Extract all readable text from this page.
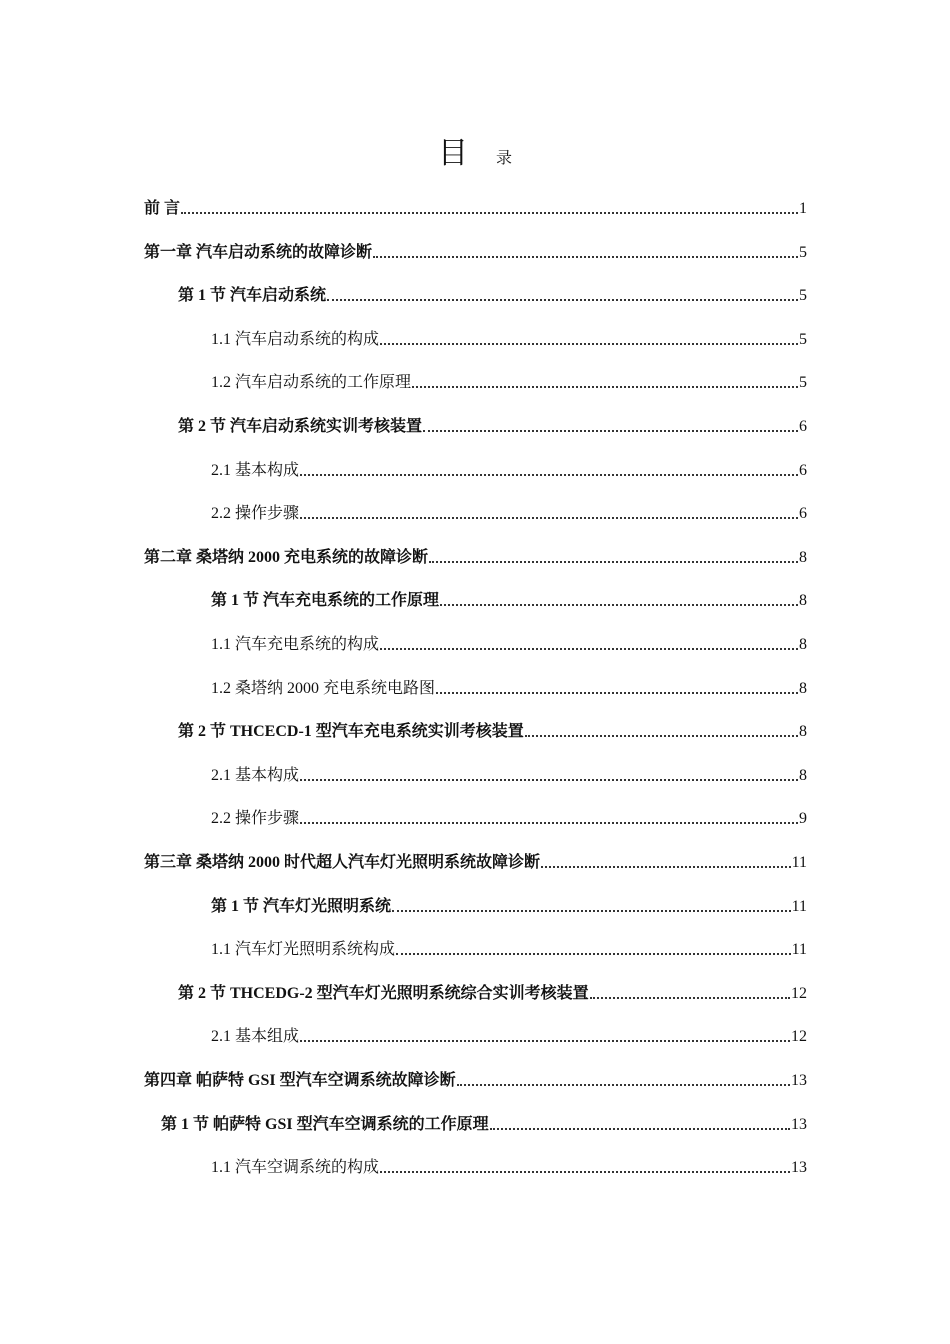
目 录
前 言	1
第一章 汽车启动系统的故障诊断	5
第 1 节 汽车启动系统	5
1.1 汽车启动系统的构成	5
1.2 汽车启动系统的工作原理	5
第 2 节 汽车启动系统实训考核装置	6
2.1 基本构成	6
2.2 操作步骤	6
第二章 桑塔纳 2000 充电系统的故障诊断	8
第 1 节 汽车充电系统的工作原理	8
1.1 汽车充电系统的构成	8
1.2 桑塔纳 2000 充电系统电路图	8
第 2 节 THCECD-1 型汽车充电系统实训考核装置	8
2.1 基本构成	8
2.2 操作步骤	9
第三章 桑塔纳 2000 时代超人汽车灯光照明系统故障诊断	11
第 1 节 汽车灯光照明系统	11
1.1 汽车灯光照明系统构成	11
第 2 节 THCEDG-2 型汽车灯光照明系统综合实训考核装置	12
2.1 基本组成	12
第四章 帕萨特 GSI 型汽车空调系统故障诊断	13
第 1 节 帕萨特 GSI 型汽车空调系统的工作原理	13
1.1 汽车空调系统的构成	13
